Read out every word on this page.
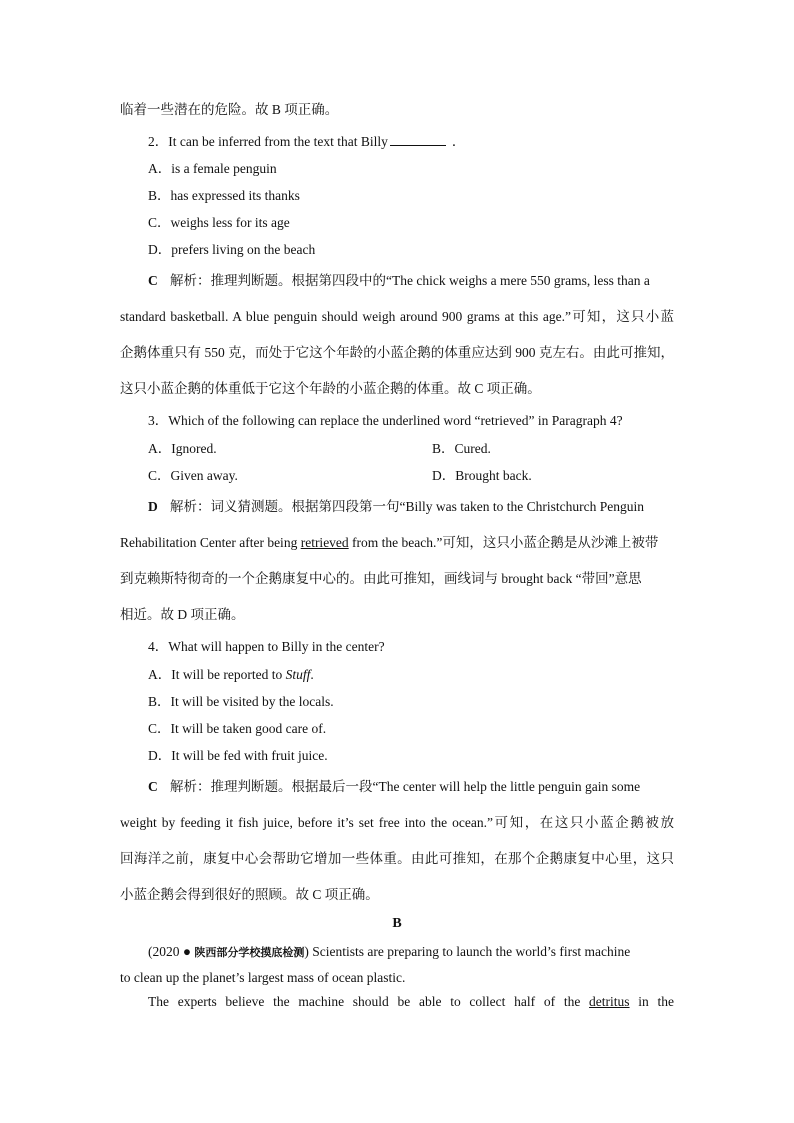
临着一些潜在的危险。故 B 项正确。
2．It can be inferred from the text that Billy	．
A．is a female penguin
B．has expressed its thanks
C．weighs less for its age
D．prefers living on the beach
C 解析：推理判断题。根据第四段中的“The chick weighs a mere 550 grams, less than a
standard basketball. A blue penguin should weigh around 900 grams at this age.”可知，这只小蓝
企鹅体重只有 550 克，而处于它这个年龄的小蓝企鹅的体重应达到 900 克左右。由此可推知，
这只小蓝企鹅的体重低于它这个年龄的小蓝企鹅的体重。故 C 项正确。
3．Which of the following can replace the underlined word “retrieved” in Paragraph 4?
A．Ignored.	B．Cured.
C．Given away.	D．Brought back.
D 解析：词义猜测题。根据第四段第一句“Billy was taken to the Christchurch Penguin
Rehabilitation Center after being retrieved from the beach.”可知，这只小蓝企鹅是从沙滩上被带
到克赖斯特彻奇的一个企鹅康复中心的。由此可推知，画线词与 brought back “带回”意思
相近。故 D 项正确。
4．What will happen to Billy in the center?
A．It will be reported to Stuff.
B．It will be visited by the locals.
C．It will be taken good care of.
D．It will be fed with fruit juice.
C 解析：推理判断题。根据最后一段“The center will help the little penguin gain some
weight by feeding it fish juice, before it’s set free into the ocean.”可知，在这只小蓝企鹅被放
回海洋之前，康复中心会帮助它增加一些体重。由此可推知，在那个企鹅康复中心里，这只
小蓝企鹅会得到很好的照顾。故 C 项正确。
B
(2020 ● 陕西部分学校摸底检测) Scientists are preparing to launch the world’s first machine
to clean up the planet’s largest mass of ocean plastic.
The experts believe the machine should be able to collect half of the detritus in the
